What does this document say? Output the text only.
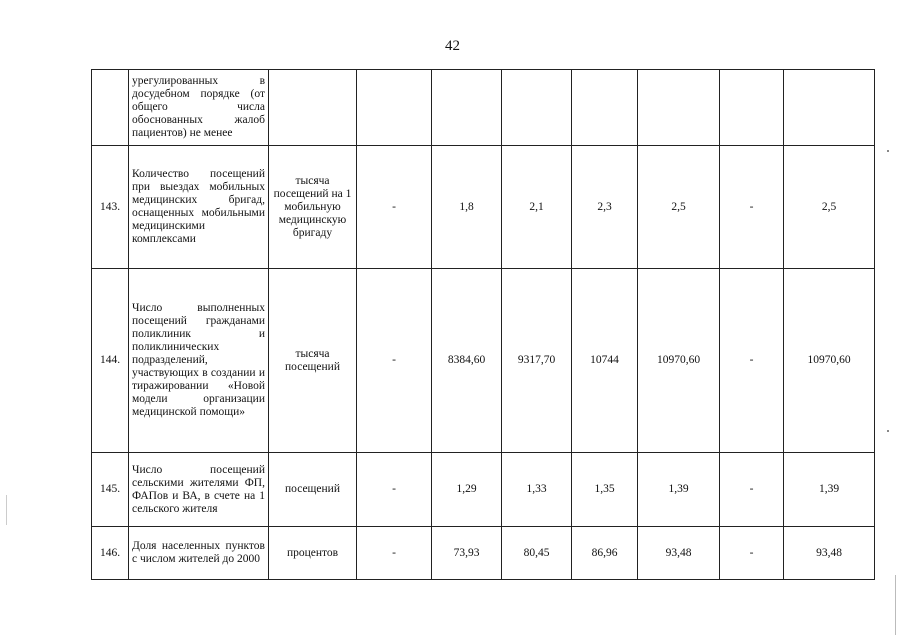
42
	урегулированных в досудебном порядке (от общего числа обоснованных жалоб пациентов) не менее								
143.	Количество посещений при выездах мобильных медицинских бригад, оснащенных мобильными медицинскими комплексами	тысяча посещений на 1 мобильную медицинскую бригаду	-	1,8	2,1	2,3	2,5	-	2,5
144.	Число выполненных посещений гражданами поликлиник и поликлинических подразделений, участвующих в создании и тиражировании «Новой модели организации медицинской помощи»	тысяча посещений	-	8384,60	9317,70	10744	10970,60	-	10970,60
145.	Число посещений сельскими жителями ФП, ФАПов и ВА, в счете на 1 сельского жителя	посещений	-	1,29	1,33	1,35	1,39	-	1,39
146.	Доля населенных пунктов с числом жителей до 2000	процентов	-	73,93	80,45	86,96	93,48	-	93,48
